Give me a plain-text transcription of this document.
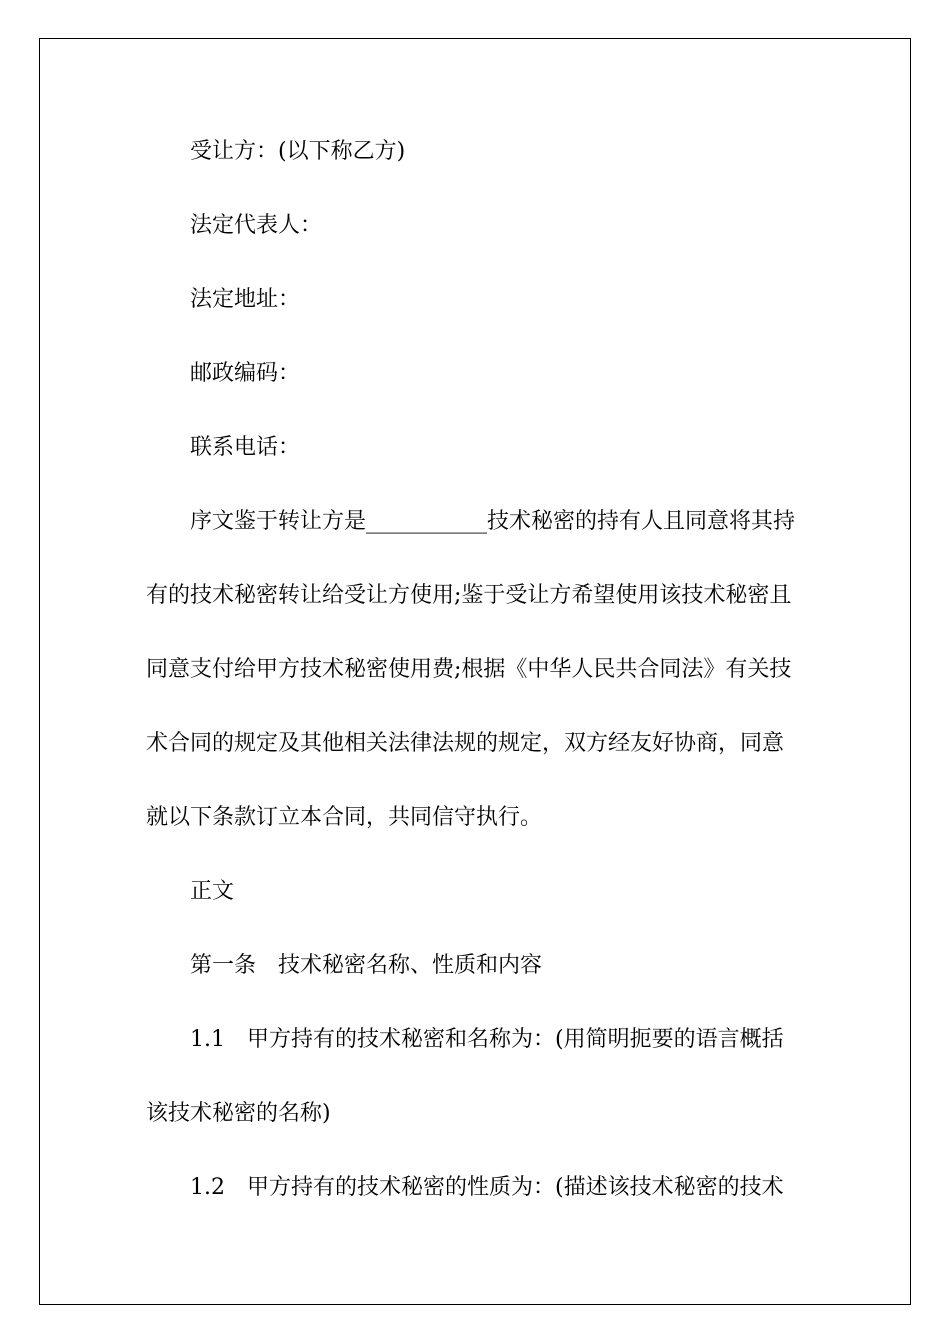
受让方：(以下称乙方)
法定代表人：
法定地址：
邮政编码：
联系电话：
序文鉴于转让方是___________技术秘密的持有人且同意将其持
有的技术秘密转让给受让方使用;鉴于受让方希望使用该技术秘密且
同意支付给甲方技术秘密使用费;根据《中华人民共合同法》有关技
术合同的规定及其他相关法律法规的规定，双方经友好协商，同意
就以下条款订立本合同，共同信守执行。
正文
第一条　技术秘密名称、性质和内容
1.1　甲方持有的技术秘密和名称为：(用简明扼要的语言概括
该技术秘密的名称)
1.2　甲方持有的技术秘密的性质为：(描述该技术秘密的技术
